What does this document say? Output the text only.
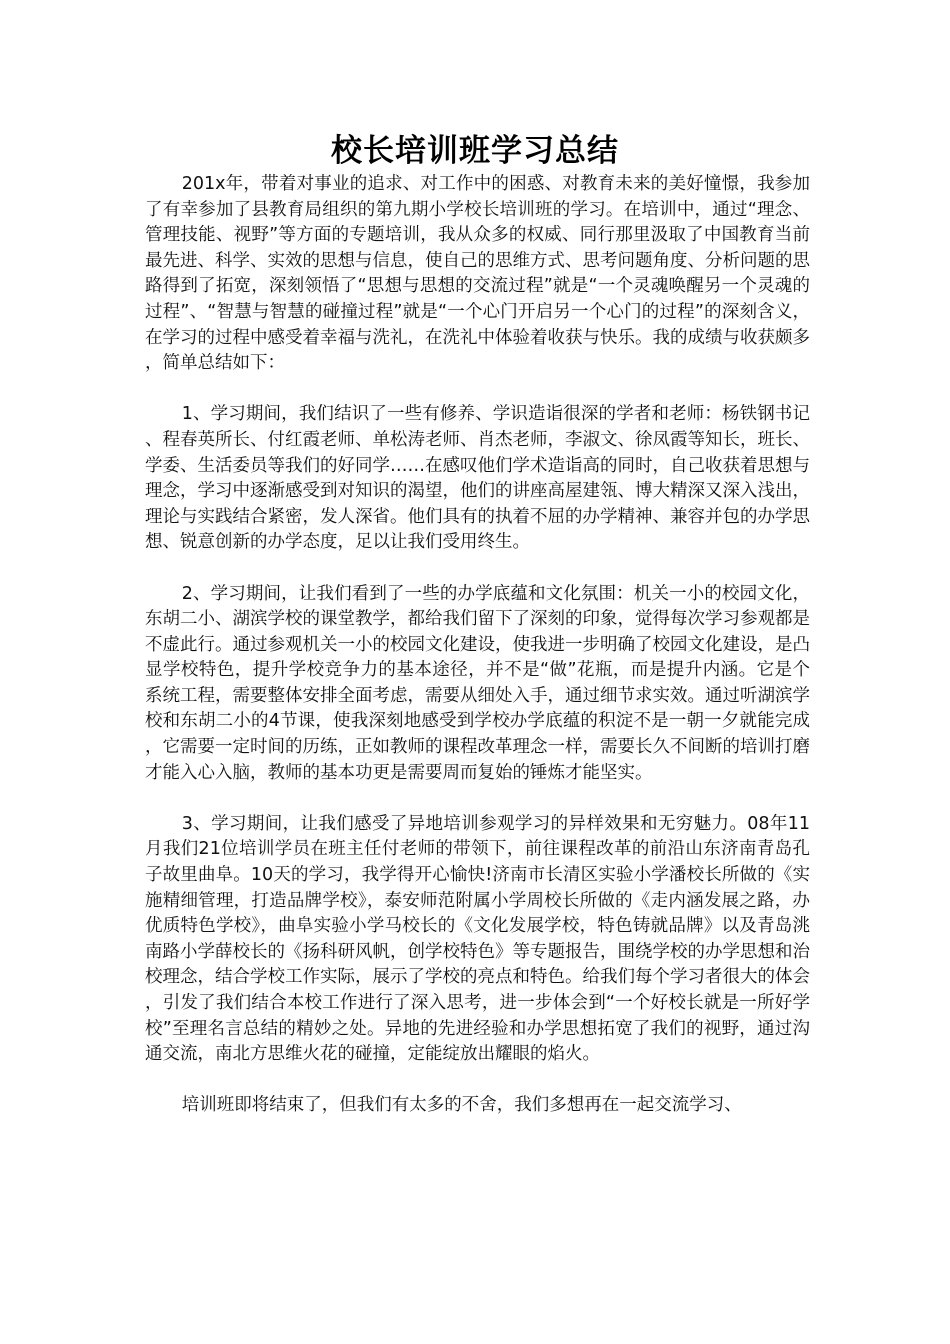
校长培训班学习总结

201x年，带着对事业的追求、对工作中的困惑、对教育未来的美好憧憬，我参加了有幸参加了县教育局组织的第九期小学校长培训班的学习。在培训中，通过“理念、管理技能、视野”等方面的专题培训，我从众多的权威、同行那里汲取了中国教育当前最先进、科学、实效的思想与信息，使自己的思维方式、思考问题角度、分析问题的思路得到了拓宽，深刻领悟了“思想与思想的交流过程”就是“一个灵魂唤醒另一个灵魂的过程”、“智慧与智慧的碰撞过程”就是“一个心门开启另一个心门的过程”的深刻含义，在学习的过程中感受着幸福与洗礼，在洗礼中体验着收获与快乐。我的成绩与收获颇多，简单总结如下：

1、学习期间，我们结识了一些有修养、学识造诣很深的学者和老师：杨铁钢书记、程春英所长、付红霞老师、单松涛老师、肖杰老师，李淑文、徐凤霞等知长，班长、学委、生活委员等我们的好同学……在感叹他们学术造诣高的同时，自己收获着思想与理念，学习中逐渐感受到对知识的渴望，他们的讲座高屋建瓴、博大精深又深入浅出，理论与实践结合紧密，发人深省。他们具有的执着不屈的办学精神、兼容并包的办学思想、锐意创新的办学态度，足以让我们受用终生。

2、学习期间，让我们看到了一些的办学底蕴和文化氛围：机关一小的校园文化，东胡二小、湖滨学校的课堂教学，都给我们留下了深刻的印象，觉得每次学习参观都是不虚此行。通过参观机关一小的校园文化建设，使我进一步明确了校园文化建设，是凸显学校特色，提升学校竞争力的基本途径，并不是“做”花瓶，而是提升内涵。它是个系统工程，需要整体安排全面考虑，需要从细处入手，通过细节求实效。通过听湖滨学校和东胡二小的4节课，使我深刻地感受到学校办学底蕴的积淀不是一朝一夕就能完成，它需要一定时间的历练，正如教师的课程改革理念一样，需要长久不间断的培训打磨才能入心入脑，教师的基本功更是需要周而复始的锤炼才能坚实。

3、学习期间，让我们感受了异地培训参观学习的异样效果和无穷魅力。08年11月我们21位培训学员在班主任付老师的带领下，前往课程改革的前沿山东济南青岛孔子故里曲阜。10天的学习，我学得开心愉快!济南市长清区实验小学潘校长所做的《实施精细管理，打造品牌学校》，泰安师范附属小学周校长所做的《走内涵发展之路，办优质特色学校》，曲阜实验小学马校长的《文化发展学校，特色铸就品牌》以及青岛洮南路小学薛校长的《扬科研风帆，创学校特色》等专题报告，围绕学校的办学思想和治校理念，结合学校工作实际，展示了学校的亮点和特色。给我们每个学习者很大的体会，引发了我们结合本校工作进行了深入思考，进一步体会到“一个好校长就是一所好学校”至理名言总结的精妙之处。异地的先进经验和办学思想拓宽了我们的视野，通过沟通交流，南北方思维火花的碰撞，定能绽放出耀眼的焰火。

培训班即将结束了，但我们有太多的不舍，我们多想再在一起交流学习、
